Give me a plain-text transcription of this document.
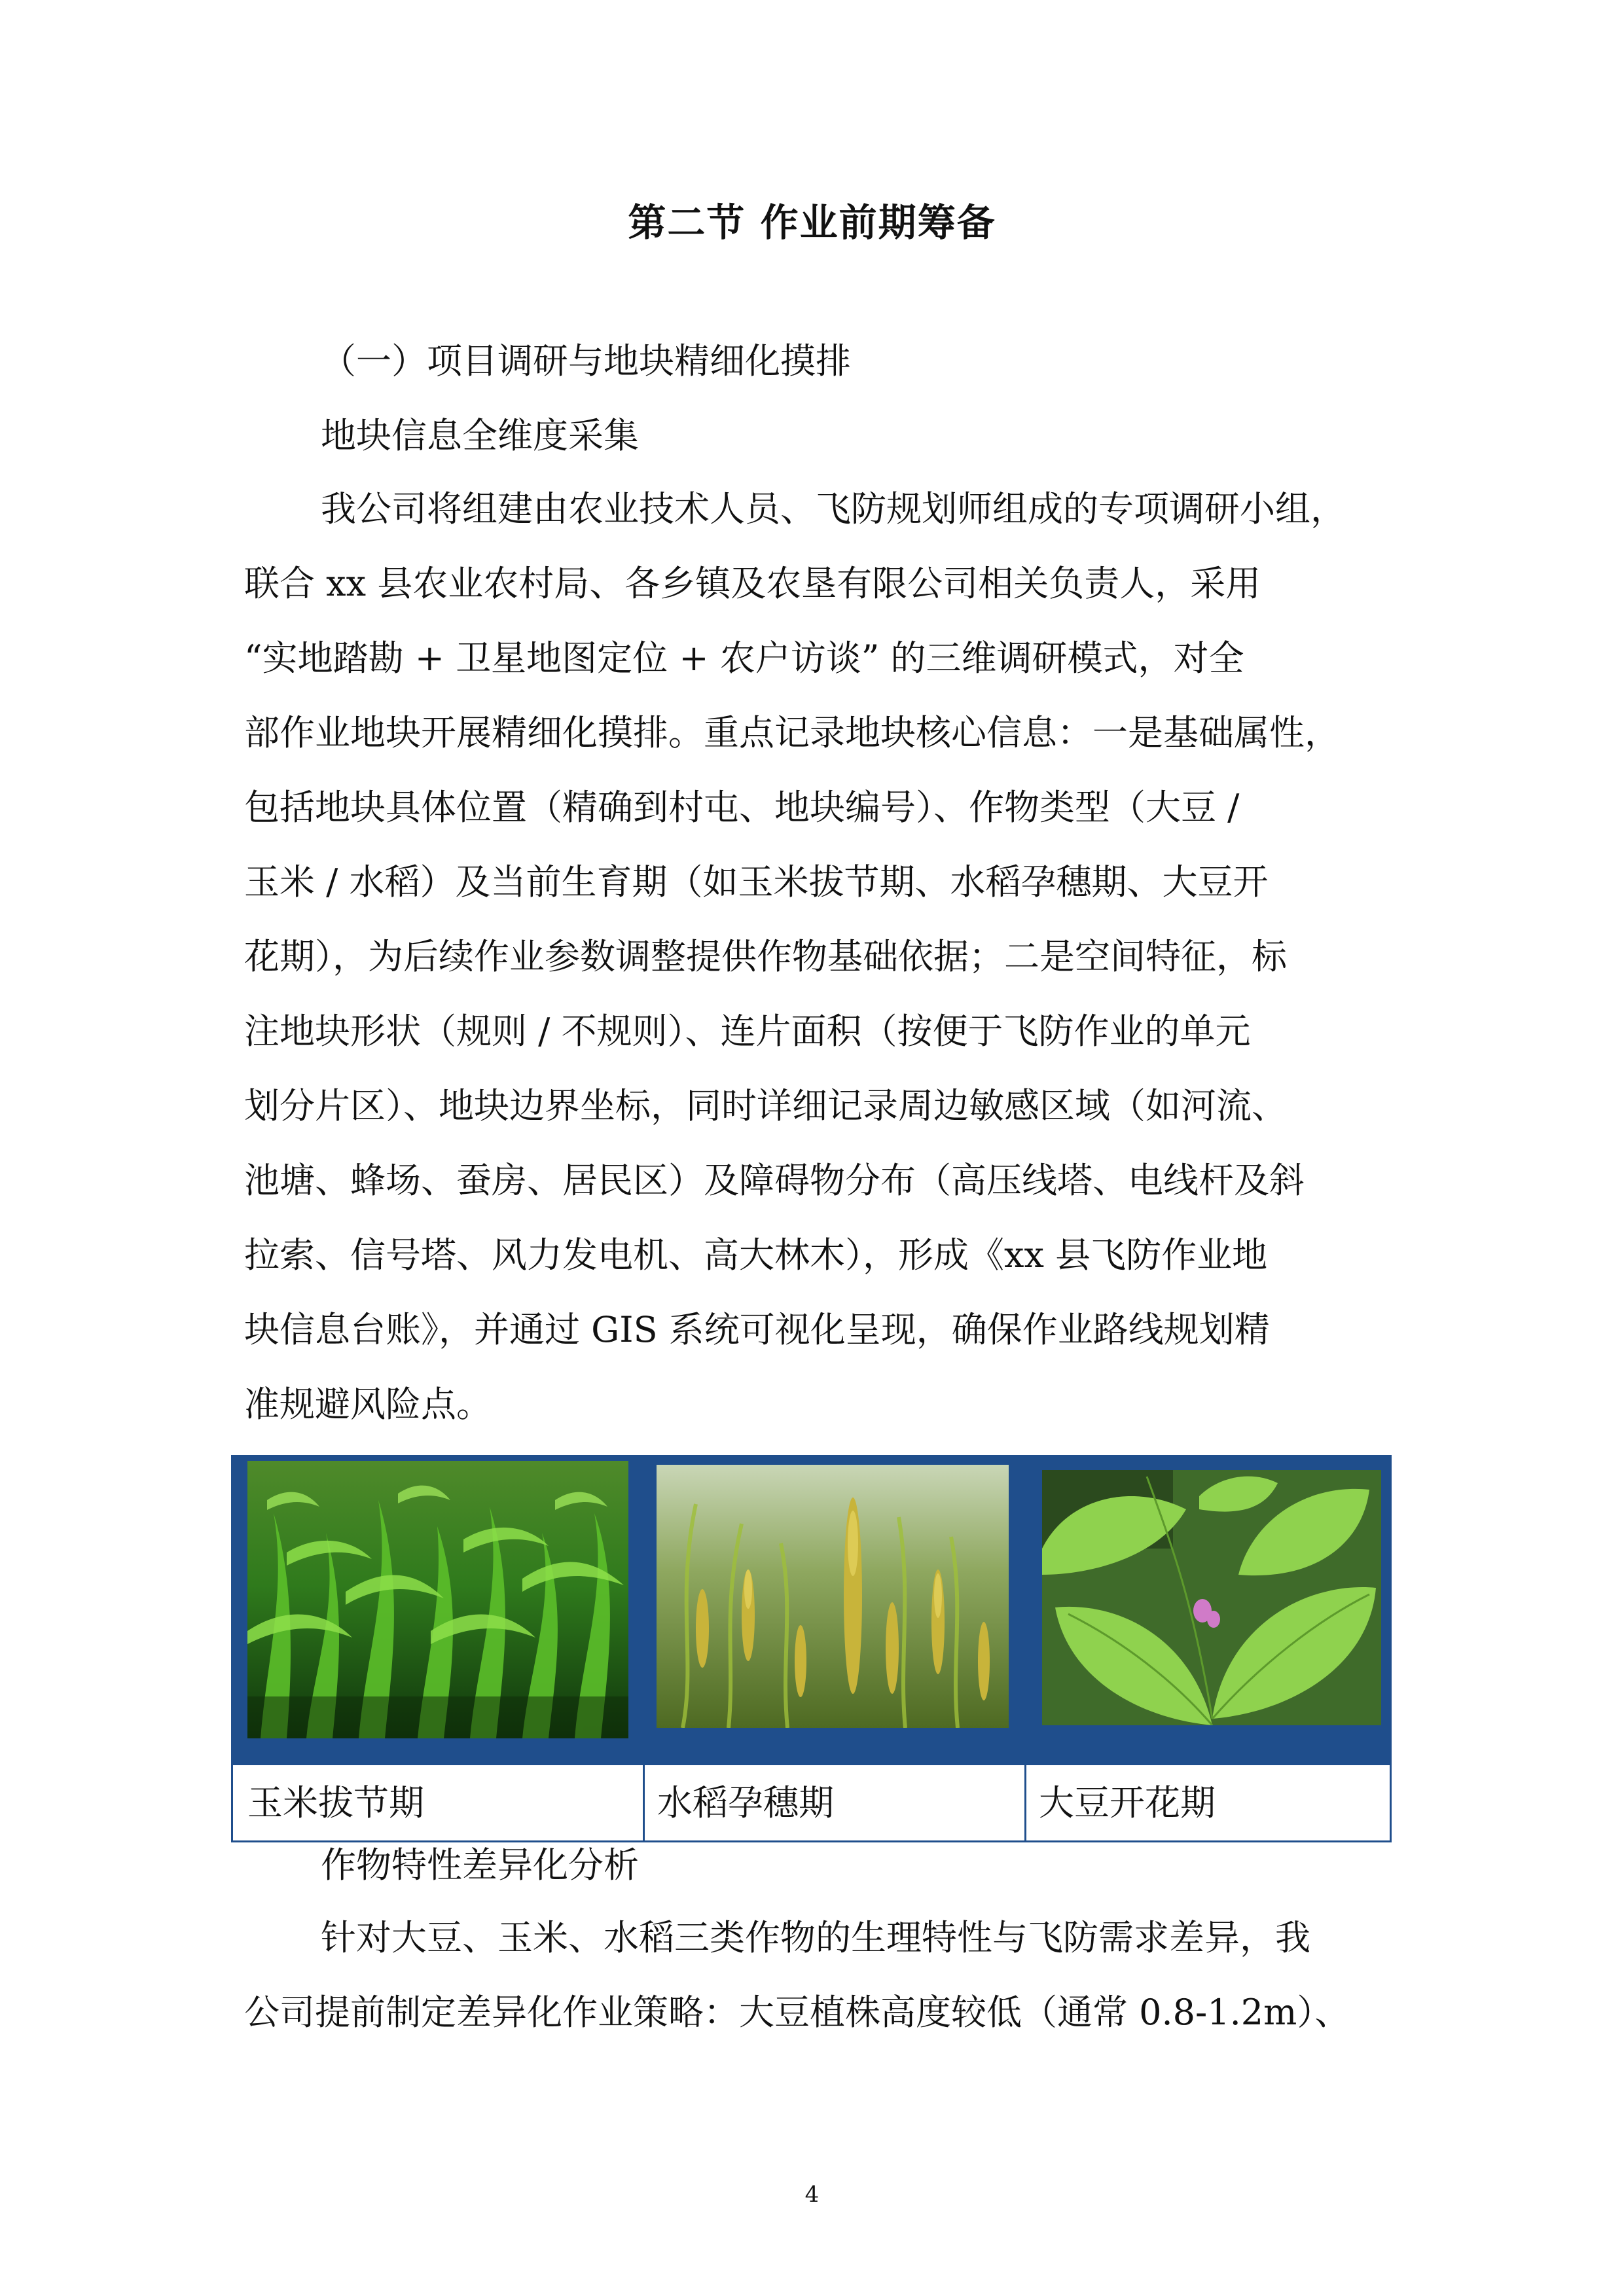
第二节 作业前期筹备
（一）项目调研与地块精细化摸排
地块信息全维度采集
我公司将组建由农业技术人员、飞防规划师组成的专项调研小组，
联合 xx 县农业农村局、各乡镇及农垦有限公司相关负责人，采用
“实地踏勘 + 卫星地图定位 + 农户访谈” 的三维调研模式，对全
部作业地块开展精细化摸排。重点记录地块核心信息：一是基础属性，
包括地块具体位置（精确到村屯、地块编号）、作物类型（大豆 /
玉米 / 水稻）及当前生育期（如玉米拔节期、水稻孕穗期、大豆开
花期），为后续作业参数调整提供作物基础依据；二是空间特征，标
注地块形状（规则 / 不规则）、连片面积（按便于飞防作业的单元
划分片区）、地块边界坐标，同时详细记录周边敏感区域（如河流、
池塘、蜂场、蚕房、居民区）及障碍物分布（高压线塔、电线杆及斜
拉索、信号塔、风力发电机、高大林木），形成《xx 县飞防作业地
块信息台账》，并通过 GIS 系统可视化呈现，确保作业路线规划精
准规避风险点。
玉米拔节期	水稻孕穗期	大豆开花期
作物特性差异化分析
针对大豆、玉米、水稻三类作物的生理特性与飞防需求差异，我
公司提前制定差异化作业策略：大豆植株高度较低（通常 0.8-1.2m）、
4
